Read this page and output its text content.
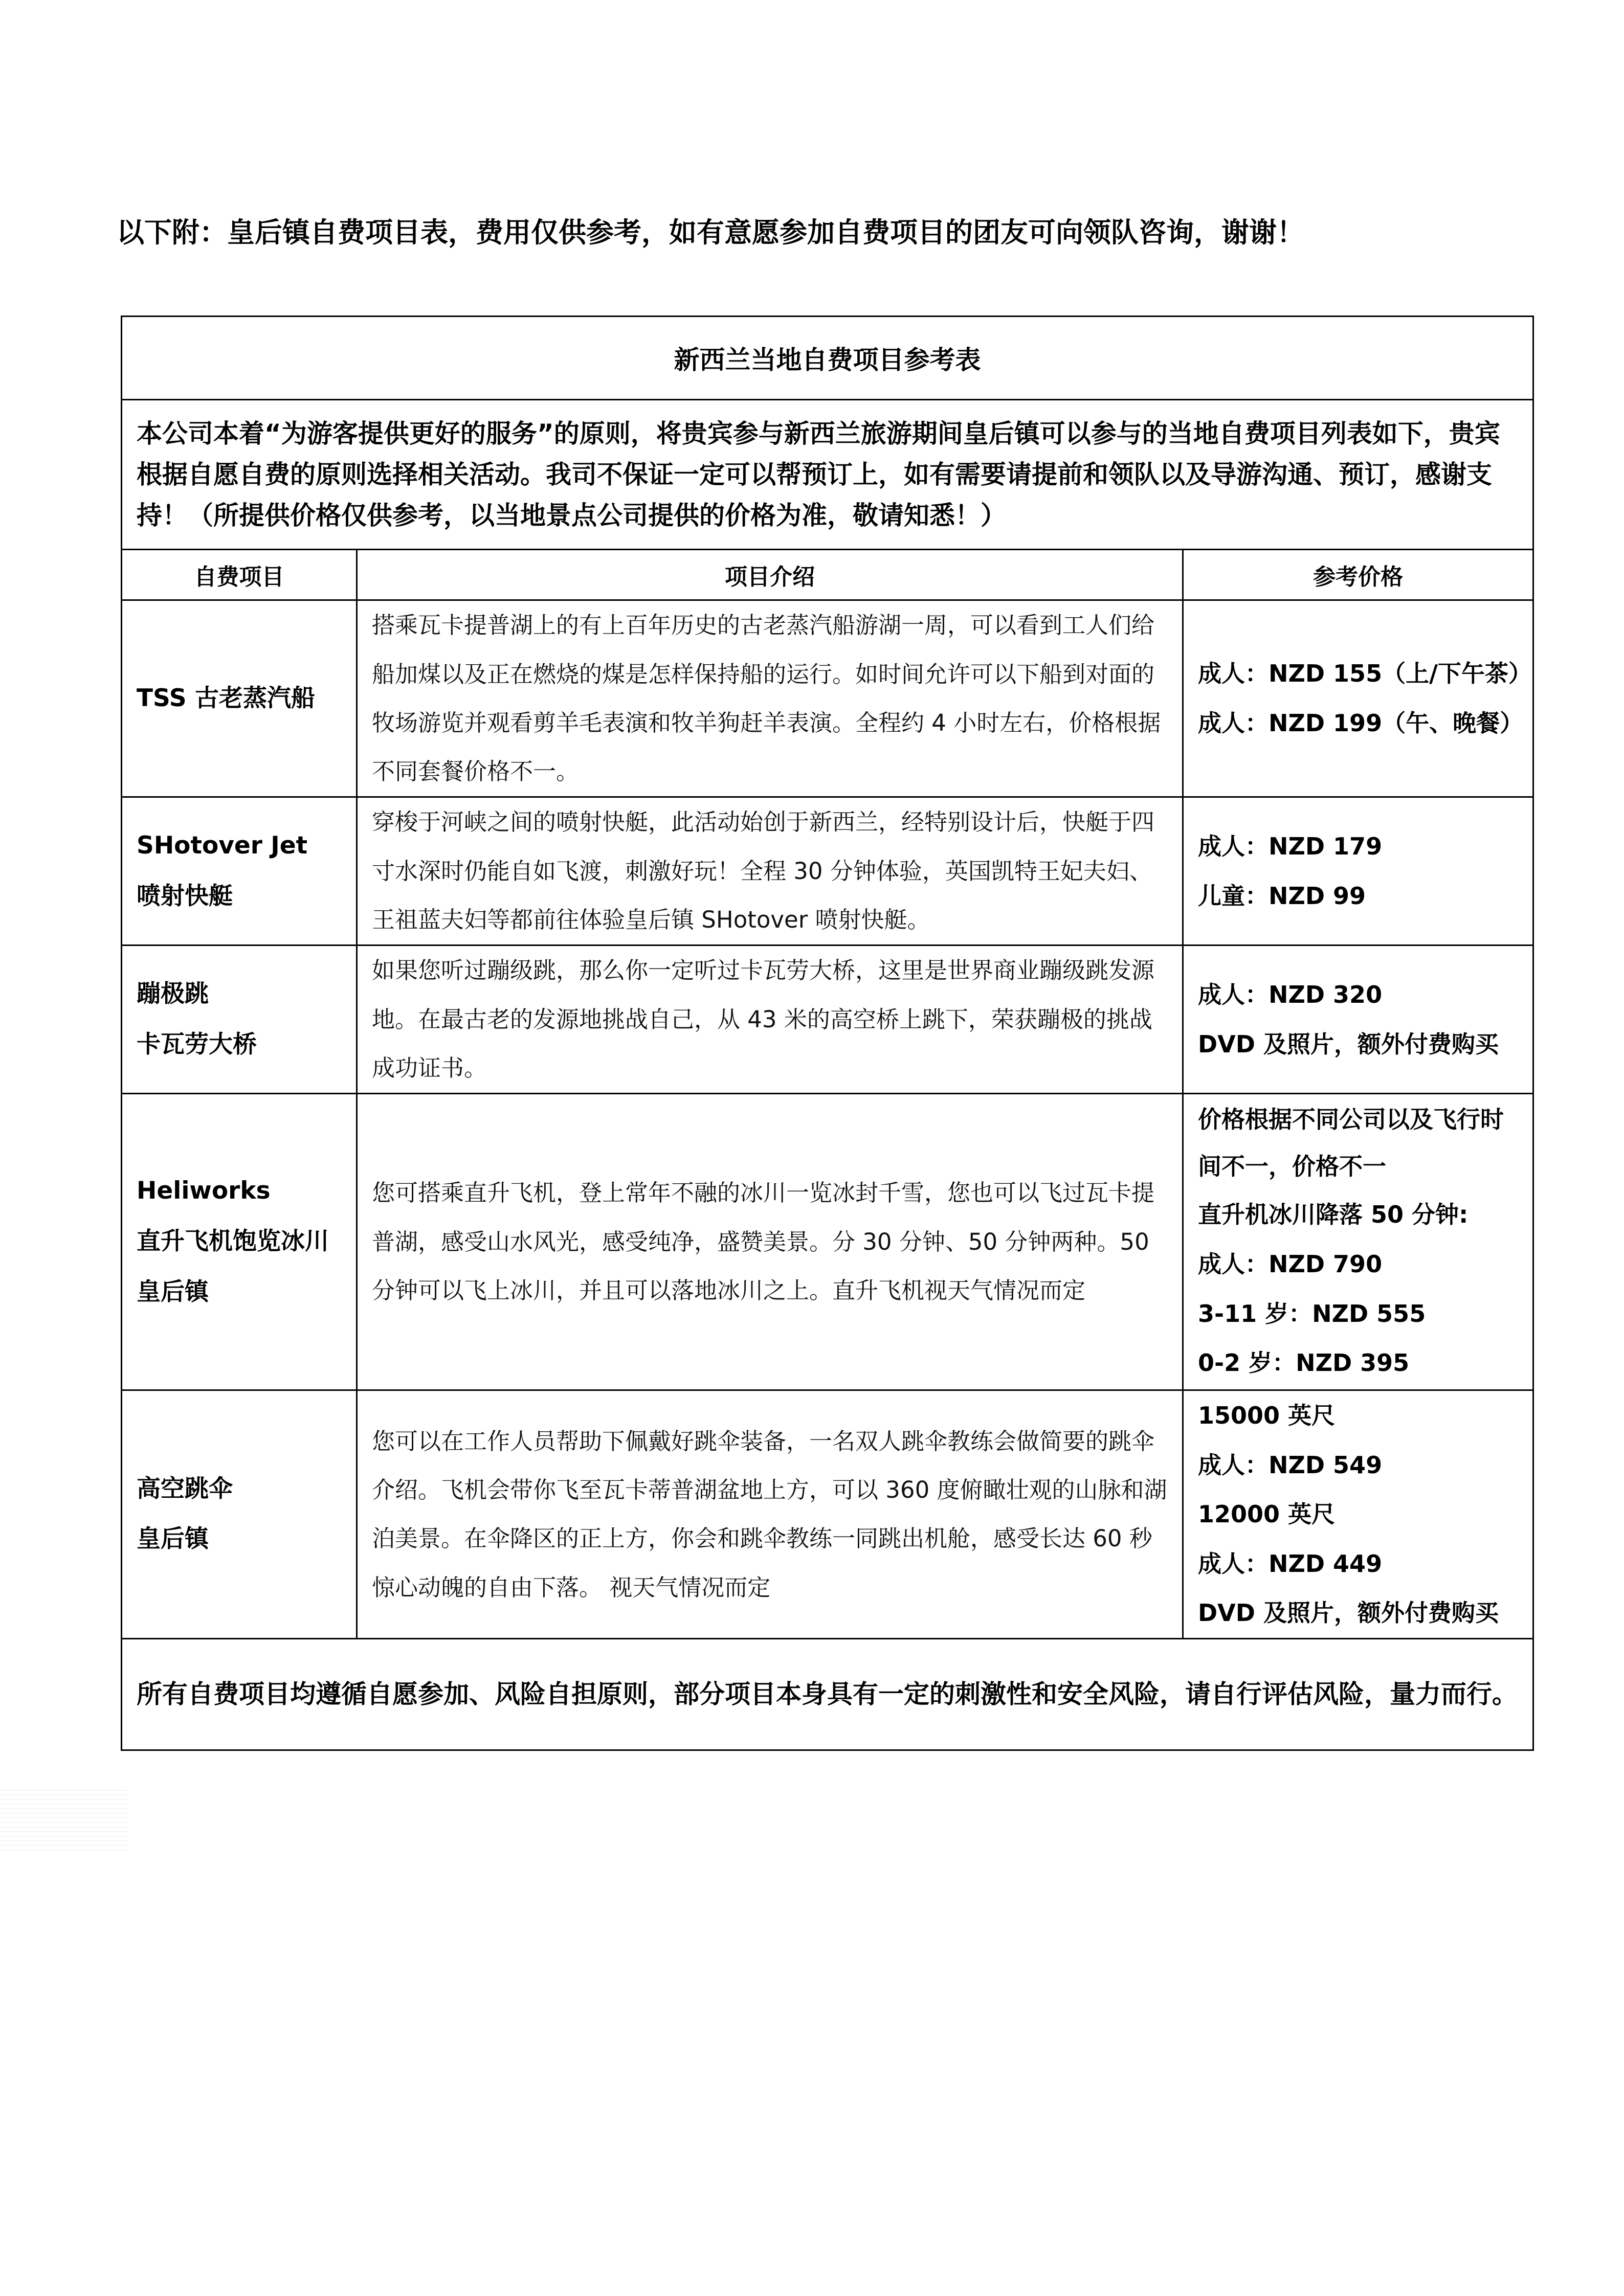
以下附：皇后镇自费项目表，费用仅供参考，如有意愿参加自费项目的团友可向领队咨询，谢谢！
新西兰当地自费项目参考表		
本公司本着“为游客提供更好的服务”的原则，将贵宾参与新西兰旅游期间皇后镇可以参与的当地自费项目列表如下，贵宾根据自愿自费的原则选择相关活动。我司不保证一定可以帮预订上，如有需要请提前和领队以及导游沟通、预订，感谢支持！（所提供价格仅供参考，以当地景点公司提供的价格为准，敬请知悉！）		
自费项目	项目介绍	参考价格

TSS 古老蒸汽船	搭乘瓦卡提普湖上的有上百年历史的古老蒸汽船游湖一周，可以看到工人们给船加煤以及正在燃烧的煤是怎样保持船的运行。如时间允许可以下船到对面的牧场游览并观看剪羊毛表演和牧羊狗赶羊表演。全程约 4 小时左右，价格根据不同套餐价格不一。	成人：NZD 155（上/下午茶）
成人：NZD 199（午、晚餐）

SHotover Jet
喷射快艇	穿梭于河峡之间的喷射快艇，此活动始创于新西兰，经特别设计后，快艇于四寸水深时仍能自如飞渡，刺激好玩！全程 30 分钟体验，英国凯特王妃夫妇、王祖蓝夫妇等都前往体验皇后镇 SHotover 喷射快艇。	成人：NZD 179
儿童：NZD 99

蹦极跳
卡瓦劳大桥	如果您听过蹦级跳，那么你一定听过卡瓦劳大桥，这里是世界商业蹦级跳发源地。在最古老的发源地挑战自己，从 43 米的高空桥上跳下，荣获蹦极的挑战成功证书。	成人：NZD 320
DVD 及照片，额外付费购买

Heliworks
直升飞机饱览冰川
皇后镇	您可搭乘直升飞机，登上常年不融的冰川一览冰封千雪，您也可以飞过瓦卡提普湖，感受山水风光，感受纯净，盛赞美景。分 30 分钟、50 分钟两种。50 分钟可以飞上冰川，并且可以落地冰川之上。直升飞机视天气情况而定	价格根据不同公司以及飞行时间不一，价格不一
直升机冰川降落 50 分钟:
成人：NZD 790
3-11 岁：NZD 555
0-2 岁：NZD 395

高空跳伞
皇后镇	您可以在工作人员帮助下佩戴好跳伞装备，一名双人跳伞教练会做简要的跳伞介绍。飞机会带你飞至瓦卡蒂普湖盆地上方，可以 360 度俯瞰壮观的山脉和湖泊美景。在伞降区的正上方，你会和跳伞教练一同跳出机舱，感受长达 60 秒惊心动魄的自由下落。 视天气情况而定	15000 英尺
成人：NZD 549
12000 英尺
成人：NZD 449
DVD 及照片，额外付费购买

所有自费项目均遵循自愿参加、风险自担原则，部分项目本身具有一定的刺激性和安全风险，请自行评估风险，量力而行。		
